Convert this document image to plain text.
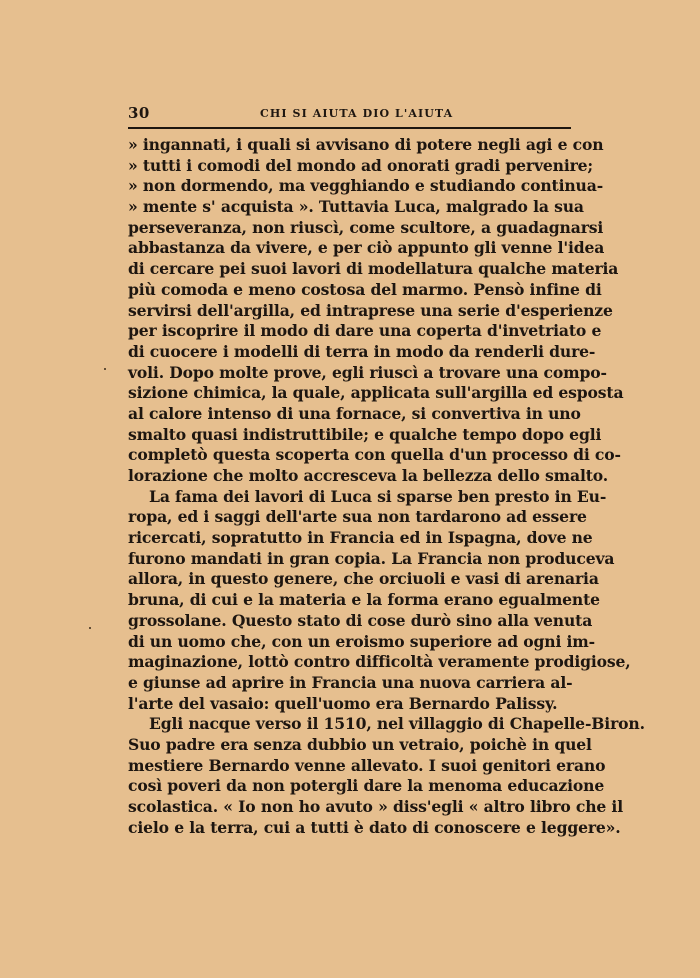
30	CHI SI AIUTA DIO L'AIUTA
» ingannati, i quali si avvisano di potere negli agi e con
» tutti i comodi del mondo ad onorati gradi pervenire;
» non dormendo, ma vegghiando e studiando continua-
» mente s' acquista ». Tuttavia Luca, malgrado la sua
perseveranza, non riuscì, come scultore, a guadagnarsi
abbastanza da vivere, e per ciò appunto gli venne l'idea
di cercare pei suoi lavori di modellatura qualche materia
più comoda e meno costosa del marmo. Pensò infine di
servirsi dell'argilla, ed intraprese una serie d'esperienze
per iscoprire il modo di dare una coperta d'invetriato e
di cuocere i modelli di terra in modo da renderli dure-
voli. Dopo molte prove, egli riuscì a trovare una compo-
sizione chimica, la quale, applicata sull'argilla ed esposta
al calore intenso di una fornace, si convertiva in uno
smalto quasi indistruttibile; e qualche tempo dopo egli
completò questa scoperta con quella d'un processo di co-
lorazione che molto accresceva la bellezza dello smalto.
La fama dei lavori di Luca si sparse ben presto in Eu-
ropa, ed i saggi dell'arte sua non tardarono ad essere
ricercati, sopratutto in Francia ed in Ispagna, dove ne
furono mandati in gran copia. La Francia non produceva
allora, in questo genere, che orciuoli e vasi di arenaria
bruna, di cui e la materia e la forma erano egualmente
grossolane. Questo stato di cose durò sino alla venuta
di un uomo che, con un eroismo superiore ad ogni im-
maginazione, lottò contro difficoltà veramente prodigiose,
e giunse ad aprire in Francia una nuova carriera al-
l'arte del vasaio: quell'uomo era Bernardo Palissy.
Egli nacque verso il 1510, nel villaggio di Chapelle-Biron.
Suo padre era senza dubbio un vetraio, poichè in quel
mestiere Bernardo venne allevato. I suoi genitori erano
così poveri da non potergli dare la menoma educazione
scolastica. « Io non ho avuto » diss'egli « altro libro che il
cielo e la terra, cui a tutti è dato di conoscere e leggere».
